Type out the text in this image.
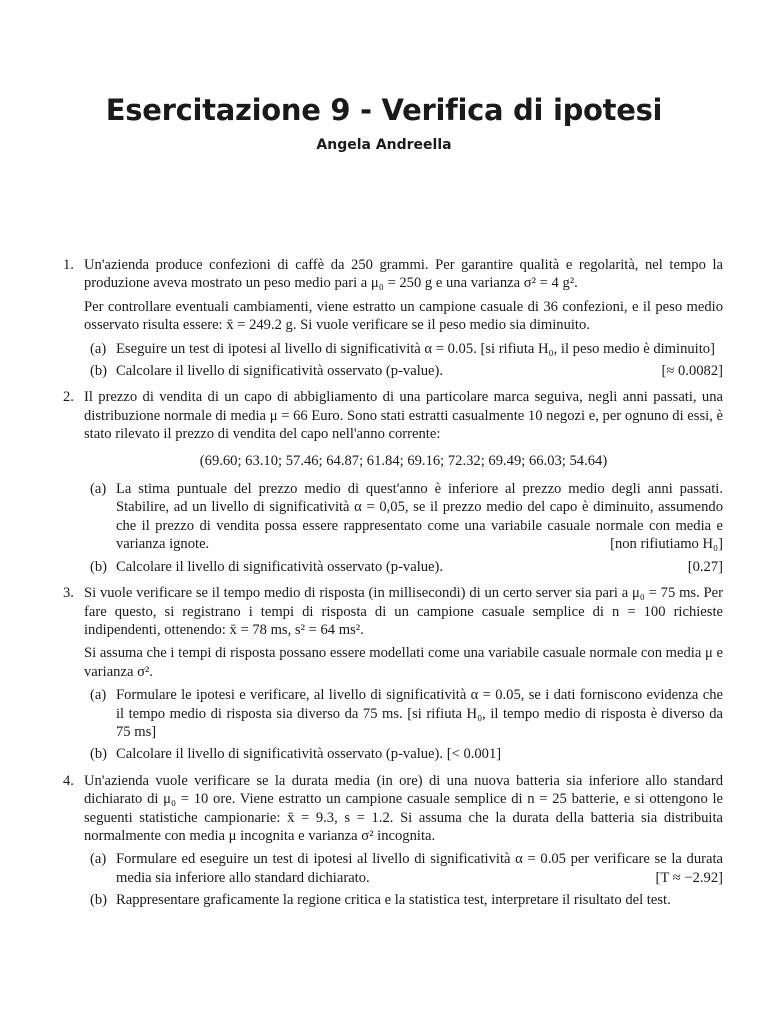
Esercitazione 9 - Verifica di ipotesi
Angela Andreella
1. Un'azienda produce confezioni di caffè da 250 grammi. Per garantire qualità e regolarità, nel tempo la produzione aveva mostrato un peso medio pari a μ₀ = 250 g e una varianza σ² = 4 g².

Per controllare eventuali cambiamenti, viene estratto un campione casuale di 36 confezioni, e il peso medio osservato risulta essere: x̄ = 249.2 g. Si vuole verificare se il peso medio sia diminuito.

(a) Eseguire un test di ipotesi al livello di significatività α = 0.05. [si rifiuta H₀, il peso medio è diminuito]
(b)	[≈ 0.0082]
Calcolare il livello di significatività osservato (p-value).
2. Il prezzo di vendita di un capo di abbigliamento di una particolare marca seguiva, negli anni passati, una distribuzione normale di media μ = 66 Euro. Sono stati estratti casualmente 10 negozi e, per ognuno di essi, è stato rilevato il prezzo di vendita del capo nell'anno corrente:

(69.60; 63.10; 57.46; 64.87; 61.84; 69.16; 72.32; 69.49; 66.03; 54.64)
(a) La stima puntuale del prezzo medio di quest'anno è inferiore al prezzo medio degli anni passati. Stabilire, ad un livello di significatività α = 0,05, se il prezzo medio del capo è diminuito, assumendo che il prezzo di vendita possa essere rappresentato come una variabile casuale normale con media e varianza ignote.	[non rifiutiamo H₀]
(b)	[0.27]
Calcolare il livello di significatività osservato (p-value).
3. Si vuole verificare se il tempo medio di risposta (in millisecondi) di un certo server sia pari a μ₀ = 75 ms. Per fare questo, si registrano i tempi di risposta di un campione casuale semplice di n = 100 richieste indipendenti, ottenendo: x̄ = 78 ms, s² = 64 ms².

Si assuma che i tempi di risposta possano essere modellati come una variabile casuale normale con media μ e varianza σ².

(a) Formulare le ipotesi e verificare, al livello di significatività α = 0.05, se i dati forniscono evidenza che il tempo medio di risposta sia diverso da 75 ms. [si rifiuta H₀, il tempo medio di risposta è diverso da 75 ms]
(b) Calcolare il livello di significatività osservato (p-value). [< 0.001]
4. Un'azienda vuole verificare se la durata media (in ore) di una nuova batteria sia inferiore allo standard dichiarato di μ₀ = 10 ore. Viene estratto un campione casuale semplice di n = 25 batterie, e si ottengono le seguenti statistiche campionarie: x̄ = 9.3, s = 1.2. Si assuma che la durata della batteria sia distribuita normalmente con media μ incognita e varianza σ² incognita.

(a) Formulare ed eseguire un test di ipotesi al livello di significatività α = 0.05 per verificare se la durata media sia inferiore allo standard dichiarato.	[T ≈ −2.92]
(b) Rappresentare graficamente la regione critica e la statistica test, interpretare il risultato del test.
